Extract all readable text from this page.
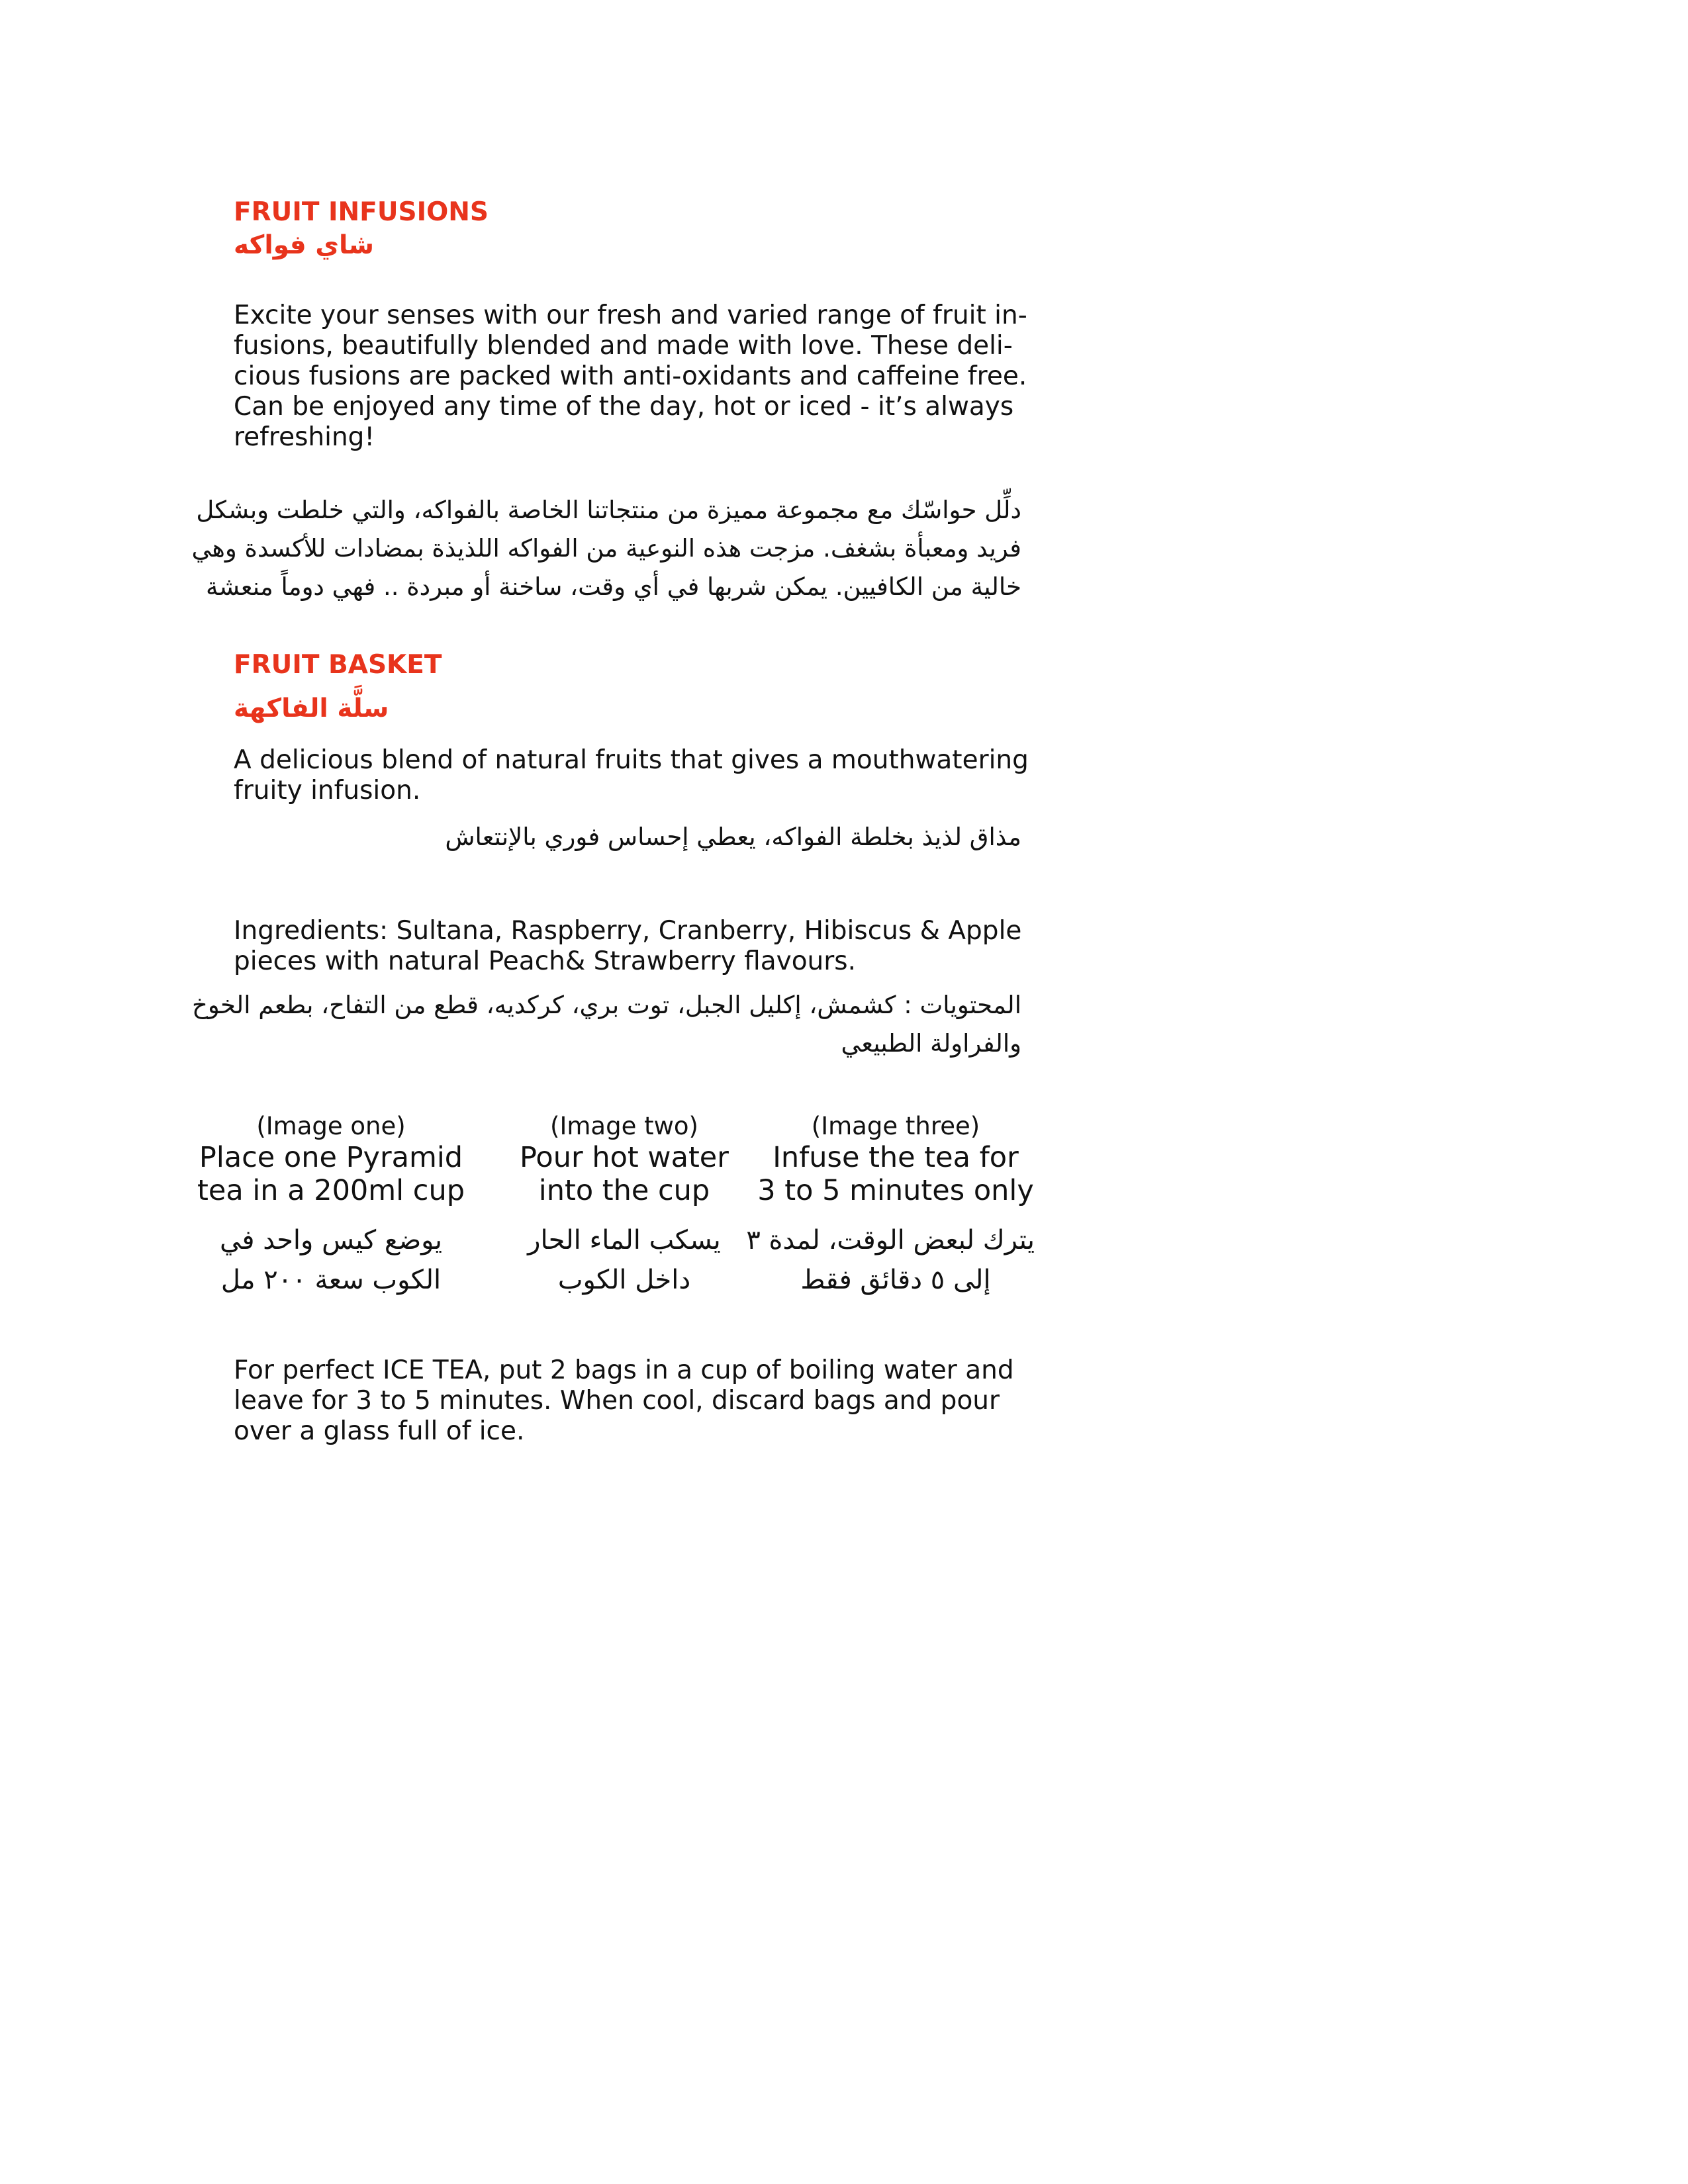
FRUIT INFUSIONS
شاي فواكه
Excite your senses with our fresh and varied range of fruit in-
fusions, beautifully blended and made with love. These deli-
cious fusions are packed with anti-oxidants and caffeine free.
Can be enjoyed any time of the day, hot or iced - it’s always
refreshing!
دلِّل حواسّك مع مجموعة مميزة من منتجاتنا الخاصة بالفواكه، والتي خلطت وبشكل
فريد ومعبأة بشغف. مزجت هذه النوعية من الفواكه اللذيذة بمضادات للأكسدة وهي
خالية من الكافيين. يمكن شربها في أي وقت، ساخنة أو مبردة .. فهي دوماً منعشة
FRUIT BASKET
سلَّة الفاكهة
A delicious blend of natural fruits that gives a mouthwatering
fruity infusion.
مذاق لذيذ بخلطة الفواكه، يعطي إحساس فوري بالإنتعاش
Ingredients: Sultana, Raspberry, Cranberry, Hibiscus & Apple
pieces with natural Peach& Strawberry flavours.
المحتويات : كشمش، إكليل الجبل، توت بري، كركديه، قطع من التفاح، بطعم الخوخ
والفراولة الطبيعي
(Image one)
Place one Pyramid
tea in a 200ml cup
يوضع كيس واحد في
الكوب سعة ٢٠٠ مل
(Image two)
Pour hot water
into the cup
يسكب الماء الحار
داخل الكوب
(Image three)
Infuse the tea for
3 to 5 minutes only
يترك لبعض الوقت، لمدة ٣
إلى ٥ دقائق فقط
For perfect ICE TEA, put 2 bags in a cup of boiling water and
leave for 3 to 5 minutes. When cool, discard bags and pour
over a glass full of ice.
